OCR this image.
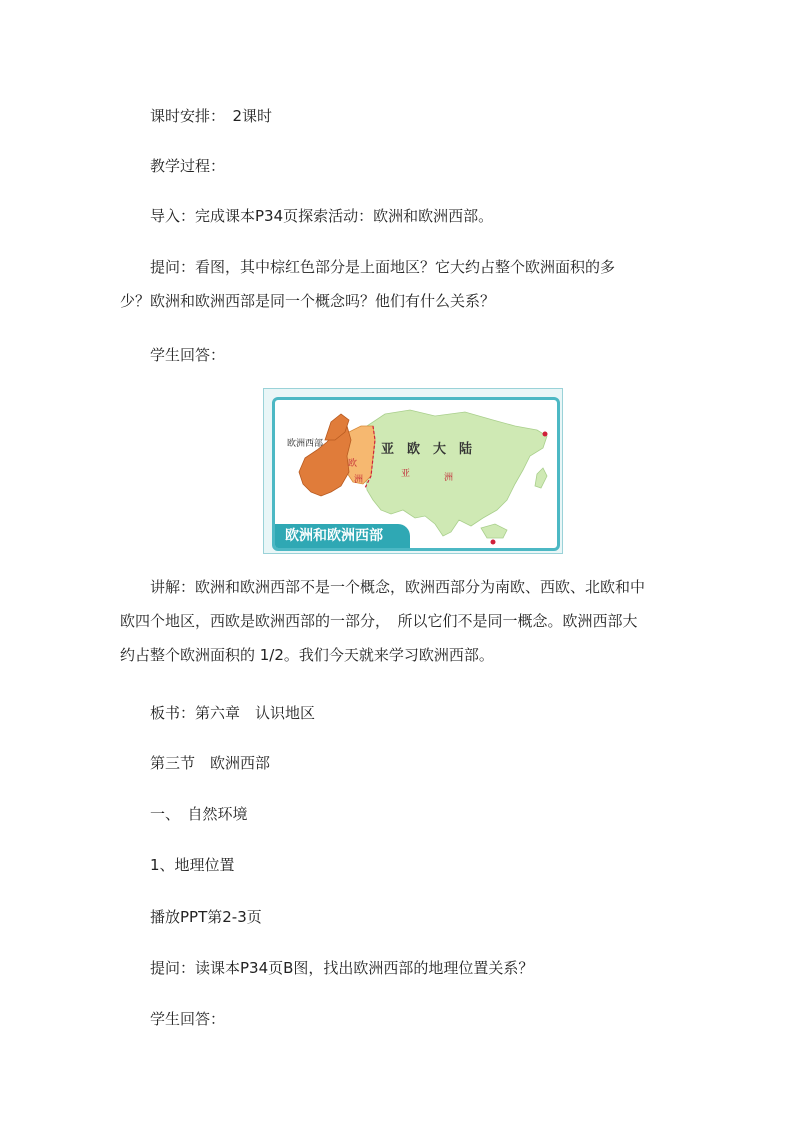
课时安排：　2课时
教学过程：
导入：完成课本P34页探索活动：欧洲和欧洲西部。
提问：看图，其中棕红色部分是上面地区？它大约占整个欧洲面积的多
少？欧洲和欧洲西部是同一个概念吗？他们有什么关系？
学生回答：
欧洲西部	亚　欧　大　陆
欧
洲
亚	洲
欧洲和欧洲西部
讲解：欧洲和欧洲西部不是一个概念，欧洲西部分为南欧、西欧、北欧和中
欧四个地区，西欧是欧洲西部的一部分，　所以它们不是同一概念。欧洲西部大
约占整个欧洲面积的 1/2。我们今天就来学习欧洲西部。
板书：第六章　认识地区
第三节　欧洲西部
一、　自然环境
1、地理位置
播放PPT第2-3页
提问：读课本P34页B图，找出欧洲西部的地理位置关系？
学生回答：
